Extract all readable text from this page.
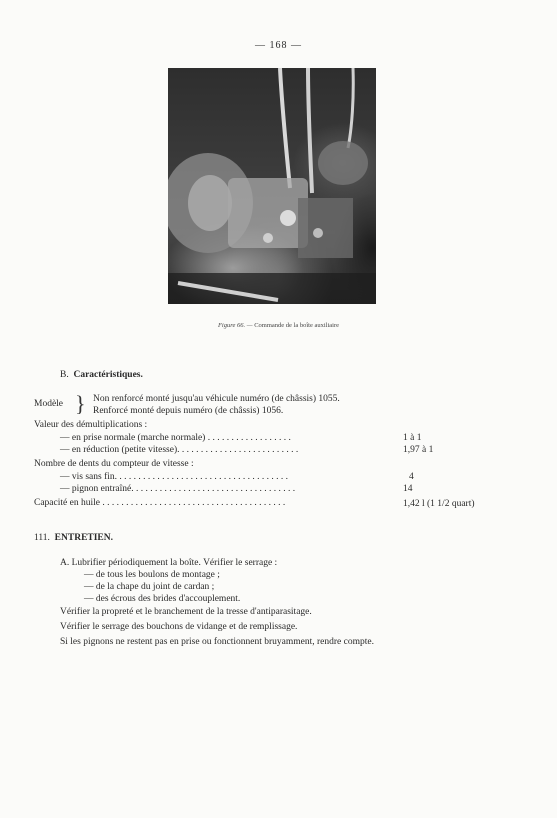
— 168 —
Figure 66. — Commande de la boîte auxiliaire
B. Caractéristiques.
Modèle } Non renforcé monté jusqu'au véhicule numéro (de châssis) 1055.
Renforcé monté depuis numéro (de châssis) 1056.
Valeur des démultiplications :
— en prise normale (marche normale) . . . . . . . . . . . . . . . . . .	1 à 1
— en réduction (petite vitesse). . . . . . . . . . . . . . . . . . . . . . . . . .	1,97 à 1
Nombre de dents du compteur de vitesse :
— vis sans fin. . . . . . . . . . . . . . . . . . . . . . . . . . . . . . . . . . . . .	4
— pignon entraîné. . . . . . . . . . . . . . . . . . . . . . . . . . . . . . . . . . .	14
Capacité en huile . . . . . . . . . . . . . . . . . . . . . . . . . . . . . . . . . . . . . . .	1,42 l (1 1/2 quart)
111. ENTRETIEN.
A. Lubrifier périodiquement la boîte. Vérifier le serrage :
— de tous les boulons de montage ;
— de la chape du joint de cardan ;
— des écrous des brides d'accouplement.
Vérifier la propreté et le branchement de la tresse d'antiparasitage.
Vérifier le serrage des bouchons de vidange et de remplissage.
Si les pignons ne restent pas en prise ou fonctionnent bruyamment, rendre compte.
